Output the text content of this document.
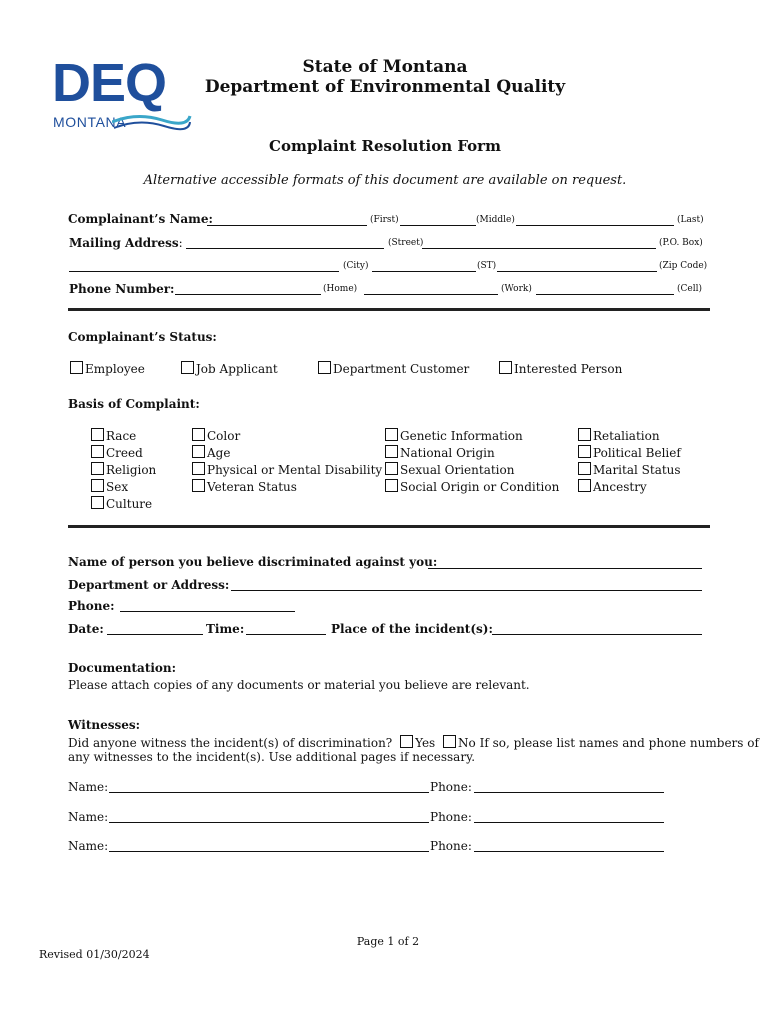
DEQ
MONTANA
State of Montana
Department of Environmental Quality
Complaint Resolution Form
Alternative accessible formats of this document are available on request.
Complainant’s Name:	(First)	(Middle)	(Last)
Mailing Address:	(Street)	(P.O. Box)
(City)	(ST)	(Zip Code)
Phone Number:	(Home)	(Work)	(Cell)
Complainant’s Status:
Employee	Job Applicant	Department Customer	Interested Person
Basis of Complaint:
Race
Creed
Religion
Sex
Culture
Color
Age
Physical or Mental Disability
Veteran Status
Genetic Information
National Origin
Sexual Orientation
Social Origin or Condition
Retaliation
Political Belief
Marital Status
Ancestry
Name of person you believe discriminated against you:
Department or Address:
Phone:
Date:	Time:	Place of the incident(s):
Documentation:
Please attach copies of any documents or material you believe are relevant.
Witnesses:
Did anyone witness the incident(s) of discrimination? Yes No If so, please list names and phone numbers of
any witnesses to the incident(s). Use additional pages if necessary.
Name:	Phone:
Name:	Phone:
Name:	Phone:
Page 1 of 2
Revised 01/30/2024
